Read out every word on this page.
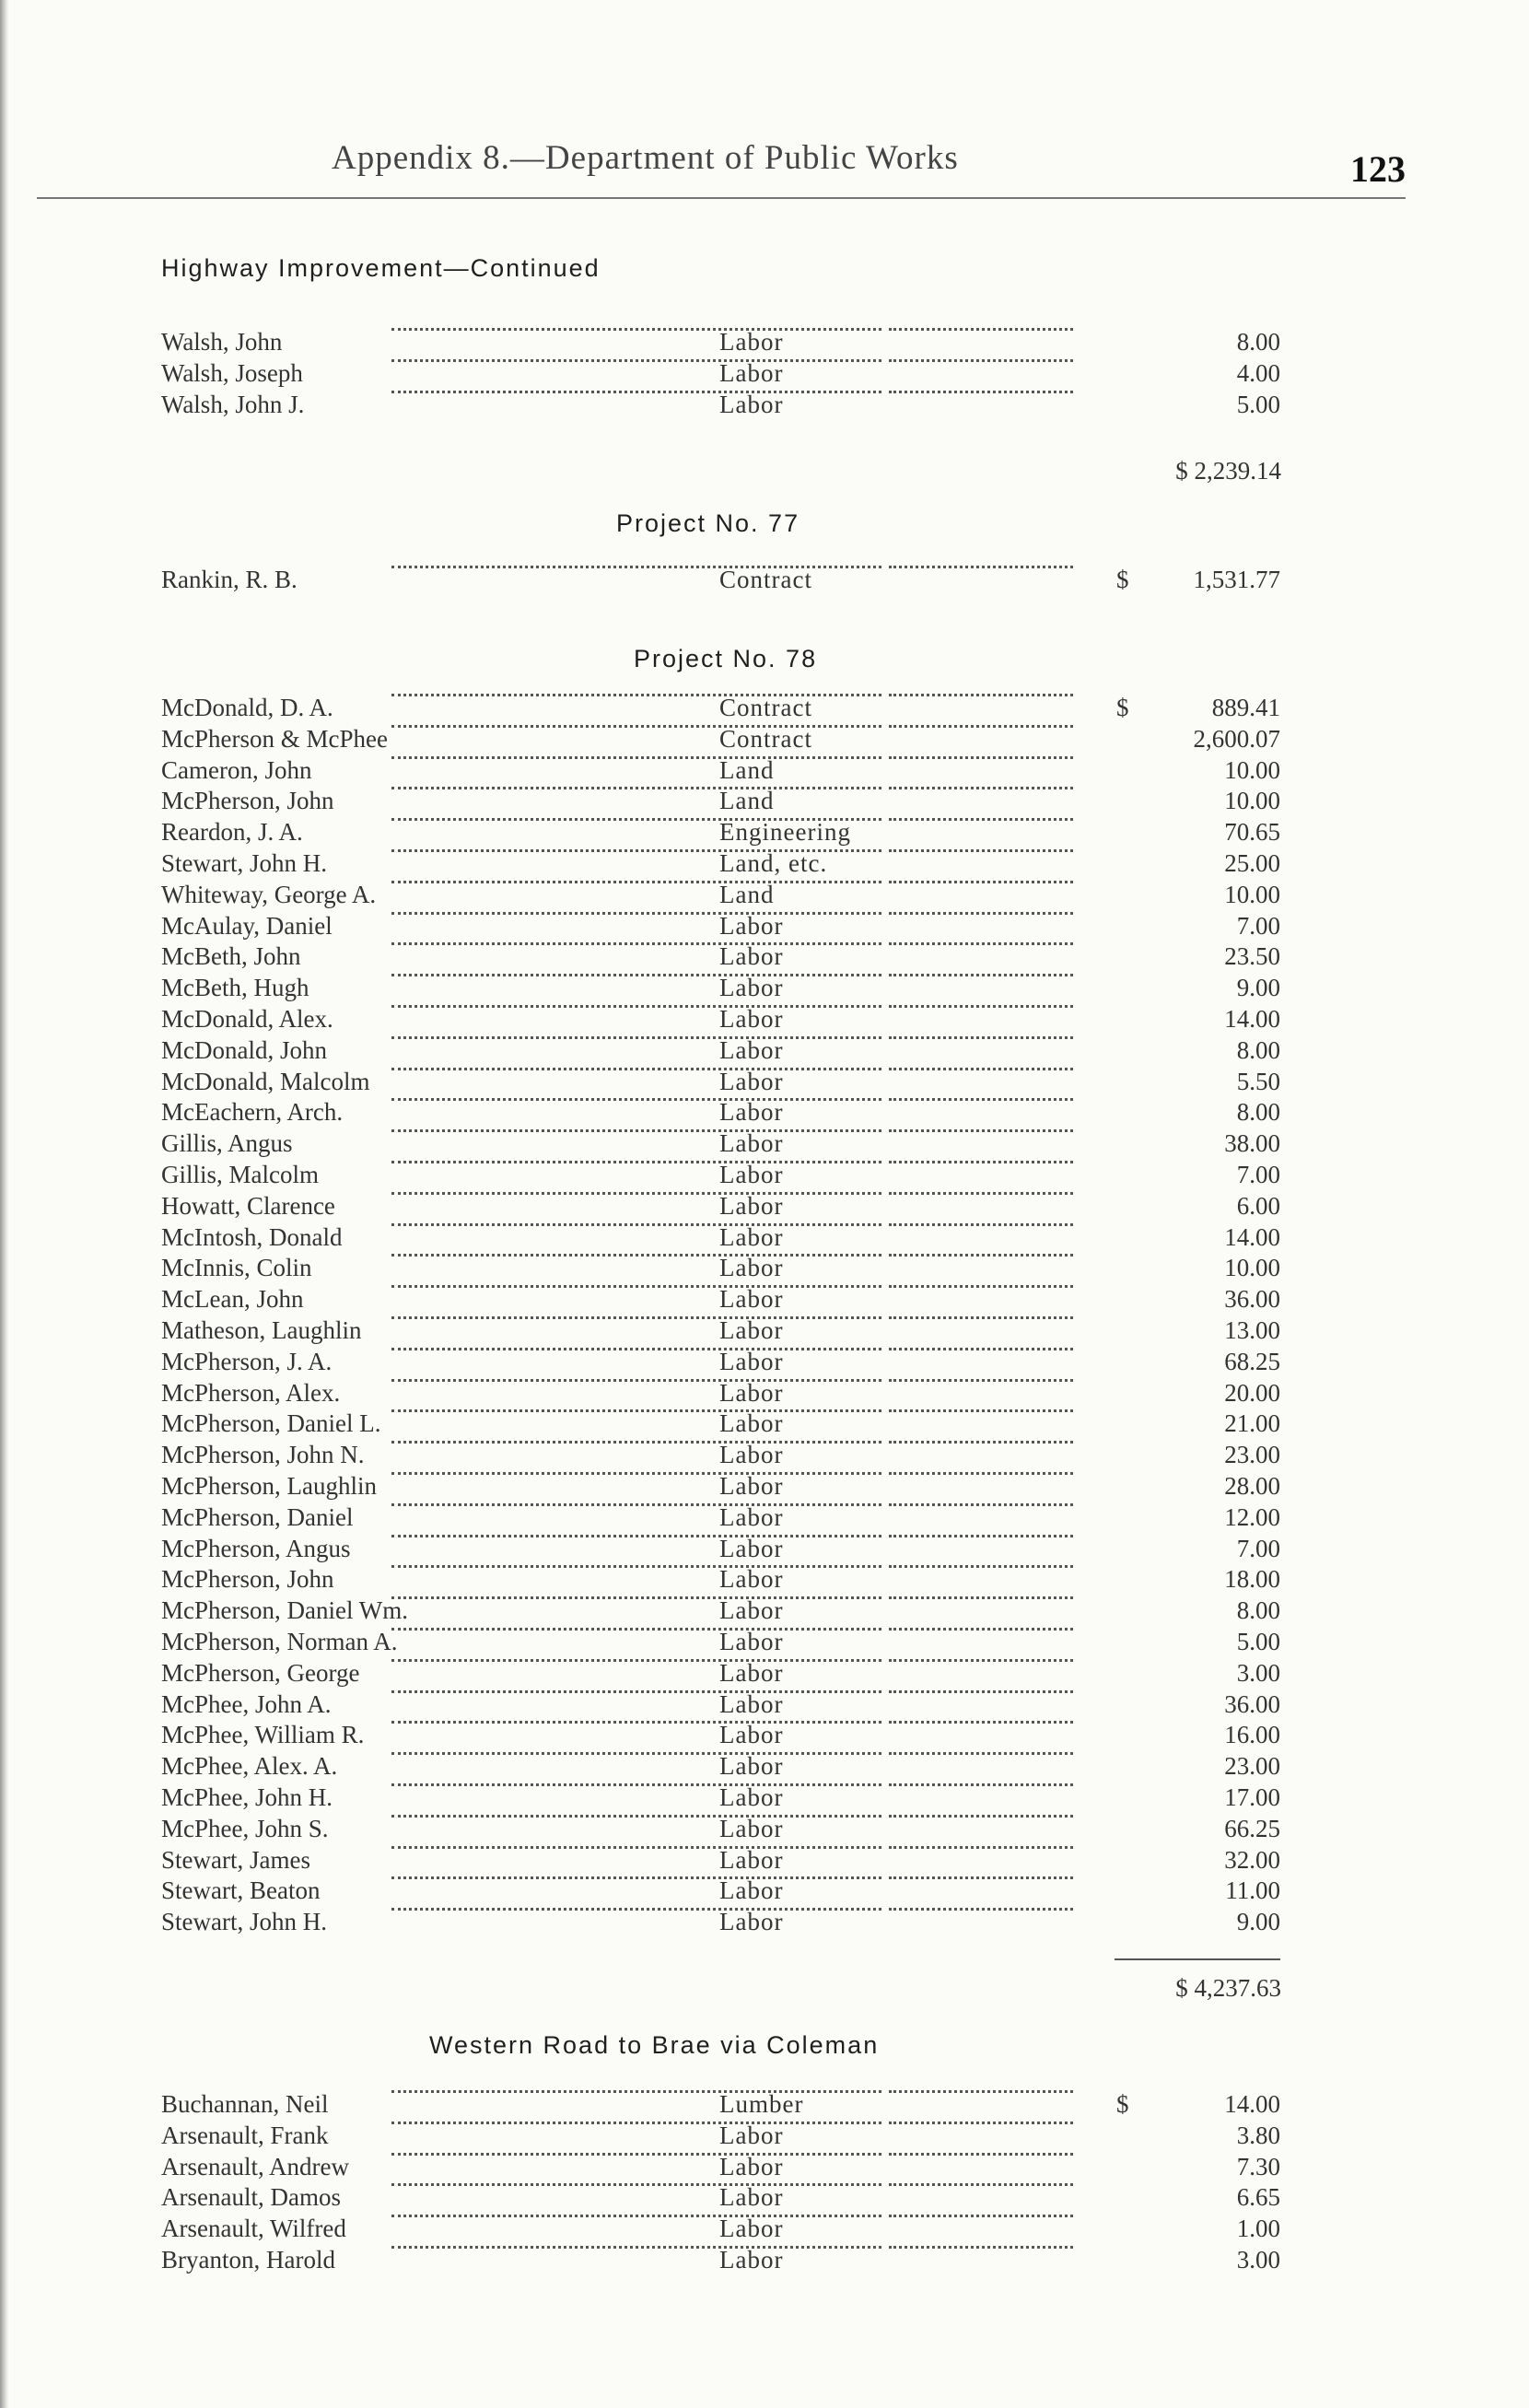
Appendix 8.—Department of Public Works	123
Highway Improvement—Continued
Walsh, John	Labor	8.00
Walsh, Joseph	Labor	4.00
Walsh, John J.	Labor	5.00
$ 2,239.14
Project No. 77
Rankin, R. B.	Contract	$	1,531.77
Project No. 78
McDonald, D. A.	Contract	$	889.41
McPherson & McPhee	Contract	2,600.07
Cameron, John	Land	10.00
McPherson, John	Land	10.00
Reardon, J. A.	Engineering	70.65
Stewart, John H.	Land, etc.	25.00
Whiteway, George A.	Land	10.00
McAulay, Daniel	Labor	7.00
McBeth, John	Labor	23.50
McBeth, Hugh	Labor	9.00
McDonald, Alex.	Labor	14.00
McDonald, John	Labor	8.00
McDonald, Malcolm	Labor	5.50
McEachern, Arch.	Labor	8.00
Gillis, Angus	Labor	38.00
Gillis, Malcolm	Labor	7.00
Howatt, Clarence	Labor	6.00
McIntosh, Donald	Labor	14.00
McInnis, Colin	Labor	10.00
McLean, John	Labor	36.00
Matheson, Laughlin	Labor	13.00
McPherson, J. A.	Labor	68.25
McPherson, Alex.	Labor	20.00
McPherson, Daniel L.	Labor	21.00
McPherson, John N.	Labor	23.00
McPherson, Laughlin	Labor	28.00
McPherson, Daniel	Labor	12.00
McPherson, Angus	Labor	7.00
McPherson, John	Labor	18.00
McPherson, Daniel Wm.	Labor	8.00
McPherson, Norman A.	Labor	5.00
McPherson, George	Labor	3.00
McPhee, John A.	Labor	36.00
McPhee, William R.	Labor	16.00
McPhee, Alex. A.	Labor	23.00
McPhee, John H.	Labor	17.00
McPhee, John S.	Labor	66.25
Stewart, James	Labor	32.00
Stewart, Beaton	Labor	11.00
Stewart, John H.	Labor	9.00
$ 4,237.63
Western Road to Brae via Coleman
Buchannan, Neil	Lumber	$	14.00
Arsenault, Frank	Labor	3.80
Arsenault, Andrew	Labor	7.30
Arsenault, Damos	Labor	6.65
Arsenault, Wilfred	Labor	1.00
Bryanton, Harold	Labor	3.00
